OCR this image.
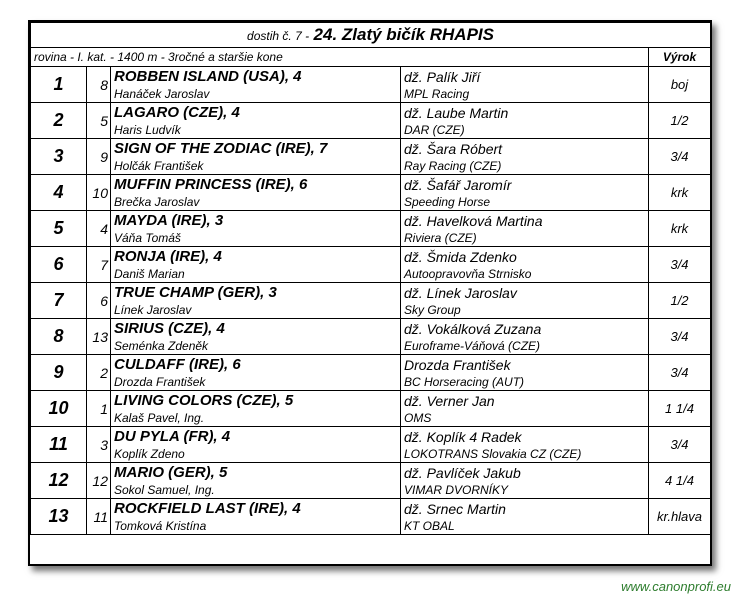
dostih č. 7 - 24. Zlatý bičík RHAPIS				
rovina - I. kat. - 1400 m - 3ročné a staršie kone				Výrok
1	8	ROBBEN ISLAND (USA), 4	dž. Palík Jiří	boj
		Hanáček Jaroslav	MPL Racing	
2	5	LAGARO (CZE), 4	dž. Laube Martin	1/2
		Haris Ludvík	DAR (CZE)	
3	9	SIGN OF THE ZODIAC (IRE), 7	dž. Šara Róbert	3/4
		Holčák František	Ray Racing (CZE)	
4	10	MUFFIN PRINCESS (IRE), 6	dž. Šafář Jaromír	krk
		Brečka Jaroslav	Speeding Horse	
5	4	MAYDA (IRE), 3	dž. Havelková Martina	krk
		Váňa Tomáš	Riviera (CZE)	
6	7	RONJA (IRE), 4	dž. Šmida Zdenko	3/4
		Daniš Marian	Autoopravovňa Strnisko	
7	6	TRUE CHAMP (GER), 3	dž. Línek Jaroslav	1/2
		Línek Jaroslav	Sky Group	
8	13	SIRIUS (CZE), 4	dž. Vokálková Zuzana	3/4
		Seménka Zdeněk	Euroframe-Váňová (CZE)	
9	2	CULDAFF (IRE), 6	Drozda František	3/4
		Drozda František	BC Horseracing (AUT)	
10	1	LIVING COLORS (CZE), 5	dž. Verner Jan	1 1/4
		Kalaš Pavel, Ing.	OMS	
11	3	DU PYLA (FR), 4	dž. Koplík 4 Radek	3/4
		Koplík Zdeno	LOKOTRANS Slovakia CZ (CZE)	
12	12	MARIO (GER), 5	dž. Pavlíček Jakub	4 1/4
		Sokol Samuel, Ing.	VIMAR DVORNÍKY	
13	11	ROCKFIELD LAST (IRE), 4	dž. Srnec Martin	kr.hlava
		Tomková Kristína	KT OBAL	
www.canonprofi.eu
